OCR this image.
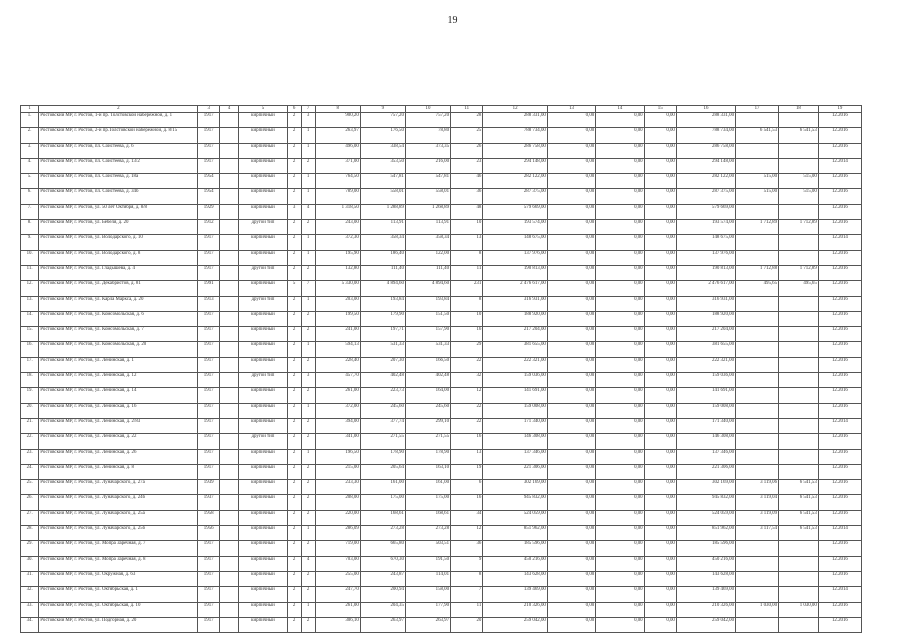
19
1	2	3	4	5	6	7	8	9	10	11	12	13	14	15	16	17	18	19
1.	Ростовский МР, г. Ростов, 1-й пр. Толстовской набережной, д. 1	1917		кирпичный	2	3	900,20	757,20	757,20	28	288 331,00	0,00	0,00	0,00	288 331,00			12.2016
2.	Ростовский МР, г. Ростов, 2-й пр.Толстовской набережной, д. 8/15	1917		кирпичный	2	1	263,97	176,50	78,80	25	788 734,00	0,00	0,00	0,00	788 734,00	6 541,53	6 541,53	12.2016
3.	Ростовский МР, г. Ростов, пл. Соистеева, д. 6	1917		кирпичный	2	1	496,00	338,54	373,35	26	286 758,00	0,00	0,00	0,00	286 758,00			12.2016
4.	Ростовский МР, г. Ростов, пл. Соистеева, д. 13/2	1917		кирпичный	2	2	371,00	353,50	216,00	23	294 148,00	0,00	0,00	0,00	294 148,00			12.2014
5.	Ростовский МР, г. Ростов, пл. Соистеева, д. 18а	1954		кирпичный	2	1	764,50	547,81	547,81	46	282 122,00	0,00	0,00	0,00	282 122,00	515,00	515,00	12.2016
6.	Ростовский МР, г. Ростов, пл. Соистеева, д. 34б	1954		кирпичный	2	1	789,00	558,01	558,01	36	287 375,00	0,00	0,00	0,00	287 375,00	515,00	515,00	12.2016
7.	Ростовский МР, г. Ростов, ул. 50 лет Октября, д. 8/8	1929		кирпичный	3	4	1 318,50	1 288,89	1 268,89	48	579 669,00	0,00	0,00	0,00	579 669,00			12.2016
8.	Ростовский МР, г. Ростов, ул. Бебеля, д. 20	1912		другой тип	2	2	243,00	113,91	113,91	10	193 574,00	0,00	0,00	0,00	193 574,00	1 712,89	1 712,89	12.2016
9.	Ростовский МР, г. Ростов, ул. Володарского, д. 10	1917		кирпичный	2	1	372,30	358,34	358,34	13	148 675,00	0,00	0,00	0,00	148 675,00			12.2014
10.	Ростовский МР, г. Ростов, ул. Володарского, д. 8	1917		кирпичный	2	1	195,90	186,40	122,00	8	137 976,00	0,00	0,00	0,00	137 976,00			12.2016
11.	Ростовский МР, г. Ростов, ул. Гладышева, д. 4	1917		другой тип	2	2	132,80	111,40	111,40	11	190 813,00	0,00	0,00	0,00	190 813,00	1 712,88	1 712,89	12.2016
12.	Ростовский МР, г. Ростов, ул. Декабристов, д. 81	1991		кирпичный	5	7	5 330,00	4 894,60	4 894,60	231	2 476 617,00	0,00	0,00	0,00	2 476 617,00	495,65	495,65	12.2016
13.	Ростовский МР, г. Ростов, ул. Карла Маркса, д. 20	1913		другой тип	2	1	203,00	193,84	193,84	8	316 931,00	0,00	0,00	0,00	316 931,00			12.2016
14.	Ростовский МР, г. Ростов, ул. Комсомольская, д. 6	1917		кирпичный	2	2	199,50	179,90	151,50	10	188 920,00	0,00	0,00	0,00	188 920,00			12.2016
15.	Ростовский МР, г. Ростов, ул. Комсомольская, д. 7	1917		кирпичный	2	2	241,00	197,71	157,90	16	217 204,00	0,00	0,00	0,00	217 204,00			12.2016
16.	Ростовский МР, г. Ростов, ул. Комсомольская, д. 20	1917		кирпичный	2	1	594,13	531,33	531,33	29	381 655,00	0,00	0,00	0,00	381 655,00			12.2016
17.	Ростовский МР, г. Ростов, ул. Ленинская, д. 1	1917		кирпичный	2	2	228,40	207,30	166,50	22	222 321,00	0,00	0,00	0,00	222 321,00			12.2016
18.	Ростовский МР, г. Ростов, ул. Ленинская, д. 12	1917		другой тип	2	3	457,70	402,48	402,48	32	159 036,00	0,00	0,00	0,00	159 036,00			12.2016
19.	Ростовский МР, г. Ростов, ул. Ленинская, д. 14	1917		кирпичный	2	2	261,00	223,73	164,00	12	141 691,00	0,00	0,00	0,00	141 691,00			12.2016
20.	Ростовский МР, г. Ростов, ул. Ленинская, д. 16	1917		кирпичный	2	1	372,00	245,60	245,60	22	159 008,00	0,00	0,00	0,00	159 008,00			12.2016
21.	Ростовский МР, г. Ростов, ул. Ленинская, д. 2/83	1917		кирпичный	2	2	394,00	377,74	299,10	22	171 340,00	0,00	0,00	0,00	171 340,00			12.2014
22.	Ростовский МР, г. Ростов, ул. Ленинская, д. 22	1917		другой тип	2	2	341,00	271,55	271,55	16	146 308,00	0,00	0,00	0,00	146 308,00			12.2016
23.	Ростовский МР, г. Ростов, ул. Ленинская, д. 26	1917		кирпичный	2	1	196,50	178,90	178,90	13	137 346,00	0,00	0,00	0,00	137 346,00			12.2016
24.	Ростовский МР, г. Ростов, ул. Ленинская, д. 8	1917		кирпичный	2	2	215,00	205,64	163,10	19	221 306,00	0,00	0,00	0,00	221 306,00			12.2016
25.	Ростовский МР, г. Ростов, ул. Луначарского, д. 27а	1939		кирпичный	2	2	233,30	161,00	161,00	6	302 169,00	0,00	0,00	0,00	302 169,00	3 119,06	6 541,53	12.2016
26.	Ростовский МР, г. Ростов, ул. Луначарского, д. 24б	1937		кирпичный	2	2	208,00	175,00	175,00	16	945 832,00	0,00	0,00	0,00	945 832,00	3 119,04	6 541,53	12.2016
27.	Ростовский МР, г. Ростов, ул. Луначарского, д. 25а	1958		кирпичный	2	2	220,00	168,61	168,61	34	524 059,00	0,00	0,00	0,00	524 059,00	3 119,09	6 541,53	12.2016
28.	Ростовский МР, г. Ростов, ул. Луначарского, д. 25б	1956		кирпичный	2	1	286,09	273,28	273,28	12	851 962,00	0,00	0,00	0,00	851 962,00	3 117,54	6 541,53	12.2014
29.	Ростовский МР, г. Ростов, ул. Мопра Заречная, д. 7	1917		кирпичный	2	2	719,00	665,80	503,51	36	185 596,00	0,00	0,00	0,00	185 596,00			12.2016
30.	Ростовский МР, г. Ростов, ул. Мопра Заречная, д. 8	1917		кирпичный	2	4	703,00	670,30	191,50	9	450 216,00	0,00	0,00	0,00	450 216,00			12.2016
31.	Ростовский МР, г. Ростов, ул. Окружная, д. 63	1917		кирпичный	2	2	255,00	243,87	114,01	8	143 628,00	0,00	0,00	0,00	143 628,00			12.2016
32.	Ростовский МР, г. Ростов, ул. Октябрьская, д. 1	1917		кирпичный	2	2	247,70	200,94	158,00	7	139 469,00	0,00	0,00	0,00	139 469,00			12.2014
33.	Ростовский МР, г. Ростов, ул. Октябрьская, д. 10	1917		кирпичный	2	1	261,00	204,35	177,90	11	210 326,00	0,00	0,00	0,00	210 326,00	1 030,00	1 030,00	12.2016
34.	Ростовский МР, г. Ростов, ул. Подгорная, д. 20	1917		кирпичный	2	2	306,10	263,97	263,97	20	259 042,00	0,00	0,00	0,00	259 042,00			12.2016
